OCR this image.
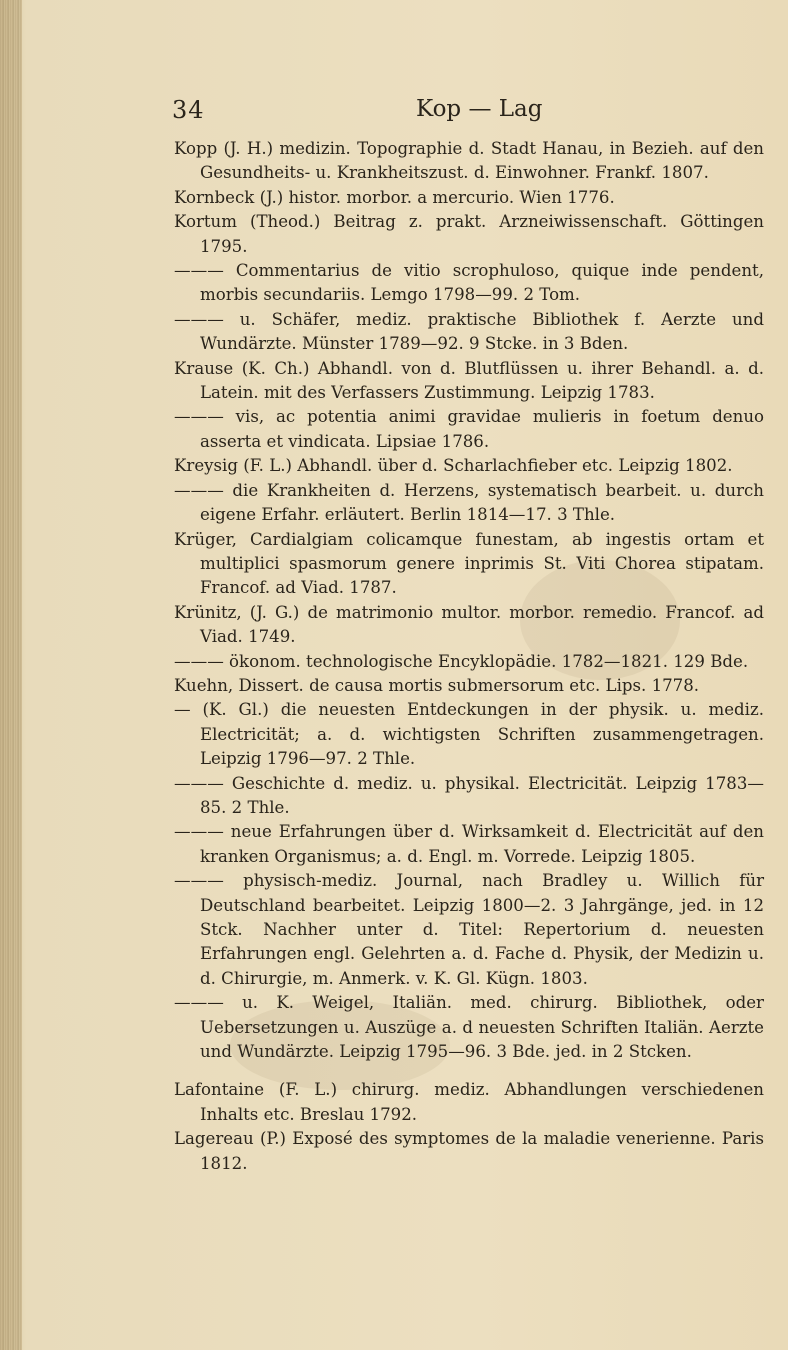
34	Kop — Lag
Kopp (J. H.) medizin. Topographie d. Stadt Hanau, in Bezieh. auf den Gesundheits- u. Krankheitszust. d. Einwohner. Frankf. 1807.
Kornbeck (J.) histor. morbor. a mercurio. Wien 1776.
Kortum (Theod.) Beitrag z. prakt. Arzneiwissenschaft. Göttingen 1795.
——— Commentarius de vitio scrophuloso, quique inde pendent, morbis secundariis. Lemgo 1798—99. 2 Tom.
——— u. Schäfer, mediz. praktische Bibliothek f. Aerzte und Wundärzte. Münster 1789—92. 9 Stcke. in 3 Bden.
Krause (K. Ch.) Abhandl. von d. Blutflüssen u. ihrer Behandl. a. d. Latein. mit des Verfassers Zustimmung. Leipzig 1783.
——— vis, ac potentia animi gravidae mulieris in foetum denuo asserta et vindicata. Lipsiae 1786.
Kreysig (F. L.) Abhandl. über d. Scharlachfieber etc. Leipzig 1802.
——— die Krankheiten d. Herzens, systematisch bearbeit. u. durch eigene Erfahr. erläutert. Berlin 1814—17. 3 Thle.
Krüger, Cardialgiam colicamque funestam, ab ingestis ortam et multiplici spasmorum genere inprimis St. Viti Chorea stipatam. Francof. ad Viad. 1787.
Krünitz, (J. G.) de matrimonio multor. morbor. remedio. Francof. ad Viad. 1749.
——— ökonom. technologische Encyklopädie. 1782—1821. 129 Bde.
Kuehn, Dissert. de causa mortis submersorum etc. Lips. 1778.
— (K. Gl.) die neuesten Entdeckungen in der physik. u. mediz. Electricität; a. d. wichtigsten Schriften zusammengetragen. Leipzig 1796—97. 2 Thle.
——— Geschichte d. mediz. u. physikal. Electricität. Leipzig 1783—85. 2 Thle.
——— neue Erfahrungen über d. Wirksamkeit d. Electricität auf den kranken Organismus; a. d. Engl. m. Vorrede. Leipzig 1805.
——— physisch-mediz. Journal, nach Bradley u. Willich für Deutschland bearbeitet. Leipzig 1800—2. 3 Jahrgänge, jed. in 12 Stck. Nachher unter d. Titel: Repertorium d. neuesten Erfahrungen engl. Gelehrten a. d. Fache d. Physik, der Medizin u. d. Chirurgie, m. Anmerk. v. K. Gl. Kügn. 1803.
——— u. K. Weigel, Italiän. med. chirurg. Bibliothek, oder Uebersetzungen u. Auszüge a. d neuesten Schriften Italiän. Aerzte und Wundärzte. Leipzig 1795—96. 3 Bde. jed. in 2 Stcken.
Lafontaine (F. L.) chirurg. mediz. Abhandlungen verschiedenen Inhalts etc. Breslau 1792.
Lagereau (P.) Exposé des symptomes de la maladie venerienne. Paris 1812.
